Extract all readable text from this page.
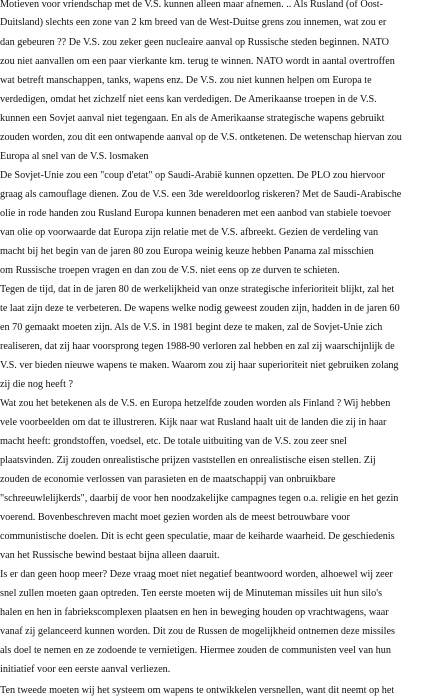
Motieven voor vriendschap met de V.S. kunnen alleen maar afnemen. .. Als Rusland (of Oost-
Duitsland) slechts een zone van 2 km breed van de West-Duitse grens zou innemen, wat zou er
dan gebeuren ?? De V.S. zou zeker geen nucleaire aanval op Russische steden beginnen. NATO
zou niet aanvallen om een paar vierkante km. terug te winnen. NATO wordt in aantal overtroffen
wat betreft manschappen, tanks, wapens enz. De V.S. zou niet kunnen helpen om Europa te
verdedigen, omdat het zichzelf niet eens kan verdedigen. De Amerikaanse troepen in de V.S.
kunnen een Sovjet aanval niet tegengaan. En als de Amerikaanse strategische wapens gebruikt
zouden worden, zou dit een ontwapende aanval op de V.S. ontketenen. De wetenschap hiervan zou
Europa al snel van de V.S. losmaken
De Sovjet-Unie zou een "coup d'etat" op Saudi-Arabië kunnen opzetten. De PLO zou hiervoor
graag als camouflage dienen. Zou de V.S. een 3de wereldoorlog riskeren? Met de Saudi-Arabische
olie in rode handen zou Rusland Europa kunnen benaderen met een aanbod van stabiele toevoer
van olie op voorwaarde dat Europa zijn relatie met de V.S. afbreekt. Gezien de verdeling van
macht bij het begin van de jaren 80 zou Europa weinig keuze hebben Panama zal misschien
om Russische troepen vragen en dan zou de V.S. niet eens op ze durven te schieten.
Tegen de tijd, dat in de jaren 80 de werkelijkheid van onze strategische inferioriteit blijkt, zal het
te laat zijn deze te verbeteren. De wapens welke nodig geweest zouden zijn, hadden in de jaren 60
en 70 gemaakt moeten zijn. Als de V.S. in 1981 begint deze te maken, zal de Sovjet-Unie zich
realiseren, dat zij haar voorsprong tegen 1988-90 verloren zal hebben en zal zij waarschijnlijk de
V.S. ver bieden nieuwe wapens te maken. Waarom zou zij haar superioriteit niet gebruiken zolang
zij die nog heeft ?
Wat zou het betekenen als de V.S. en Europa hetzelfde zouden worden als Finland ? Wij hebben
vele voorbeelden om dat te illustreren. Kijk naar wat Rusland haalt uit de landen die zij in haar
macht heeft: grondstoffen, voedsel, etc. De totale uitbuiting van de V.S. zou zeer snel
plaatsvinden. Zij zouden onrealistische prijzen vaststellen en onrealistische eisen stellen. Zij
zouden de economie verlossen van parasieten en de maatschappij van onbruikbare
"schreeuwlelijkerds", daarbij de voor hen noodzakelijke campagnes tegen o.a. religie en het gezin
voerend. Bovenbeschreven macht moet gezien worden als de meest betrouwbare voor
communistische doelen. Dit is echt geen speculatie, maar de keiharde waarheid. De geschiedenis
van het Russische bewind bestaat bijna alleen daaruit.
Is er dan geen hoop meer? Deze vraag moet niet negatief beantwoord worden, alhoewel wij zeer
snel zullen moeten gaan optreden. Ten eerste moeten wij de Minuteman missiles uit hun silo's
halen en hen in fabriekscomplexen plaatsen en hen in beweging houden op vrachtwagens, waar
vanaf zij gelanceerd kunnen worden. Dit zou de Russen de mogelijkheid ontnemen deze missiles
als doel te nemen en ze zodoende te vernietigen. Hiermee zouden de communisten veel van hun
initiatief voor een eerste aanval verliezen.
Ten tweede moeten wij het systeem om wapens te ontwikkelen versnellen, want dit neemt op het
